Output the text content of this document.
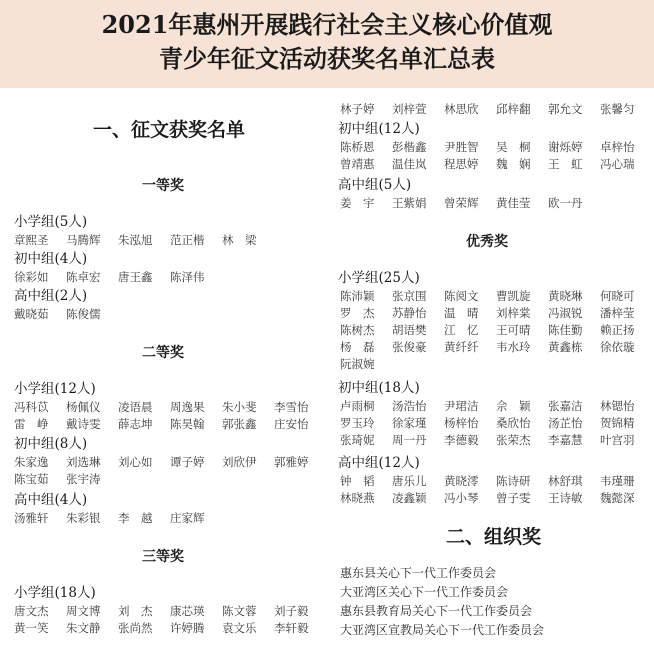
2021年惠州开展践行社会主义核心价值观
青少年征文活动获奖名单汇总表
一、征文获奖名单
一等奖
小学组(5人)
章熙圣 马腾辉 朱泓旭 范正楷 林　梁
初中组(4人)
徐彩如 陈卓宏 唐王鑫 陈泽伟
高中组(2人)
戴晓茹 陈俊儒
二等奖
小学组(12人)
冯科苡 杨佩仪 凌语晨 周逸果 朱小斐 李雪怡
雷　峥 戴诗雯 薛志坤 陈昊翰 郭张鑫 庄安怡
初中组(8人)
朱家逸 刘选琳 刘心如 谭子婷 刘欣伊 郭雅婷
陈宝茹 张宇涛
高中组(4人)
汤雅轩 朱彩银 李　越 庄家辉
三等奖
小学组(18人)
唐文杰 周文博 刘　杰 康芯瑛 陈文蓉 刘子毅
黄一笑 朱文静 张尚然 许婷腾 袁文乐 李轩毅
林子婷 刘梓萱 林思欣 邱梓翻 郭允文 张馨匀
初中组(12人)
陈桥恩 彭楷鑫 尹胜智 吴　桐 谢烁婷 卓梓怡
曾靖惠 温佳岚 程思婷 魏　娴 王　虹 冯心瑞
高中组(5人)
姜　宇 王紫娟 曾荣辉 黄佳莹 欧一丹
优秀奖
小学组(25人)
陈沛颖 张京围 陈阅文 曹凯旋 黄晓琳 何晓可
罗　杰 苏静怡 温　晴 刘梓棠 冯淑锐 潘梓莹
陈树杰 胡语樊 江　忆 王可晴 陈佳勤 赖正扬
杨　磊 张俊豪 黄纤纤 韦水玲 黄鑫栋 徐依璇
阮淑婉
初中组(18人)
卢雨桐 汤浩怡 尹珺洁 佘　颖 张嘉洁 林锶怡
罗玉玲 徐家瑾 杨梓怡 桑欣怡 汤芷怡 贺锦精
张琦妮 周一丹 李德毅 张荣杰 李嘉慧 叶宫羽
高中组(12人)
钟　韬 唐乐儿 黄晓澪 陈诗研 林舒琪 韦瑾珊
林晓燕 凌鑫颖 冯小琴 曾子雯 王诗敏 魏懿深
二、组织奖
惠东县关心下一代工作委员会
大亚湾区关心下一代工作委员会
惠东县教育局关心下一代工作委员会
大亚湾区宣教局关心下一代工作委员会
